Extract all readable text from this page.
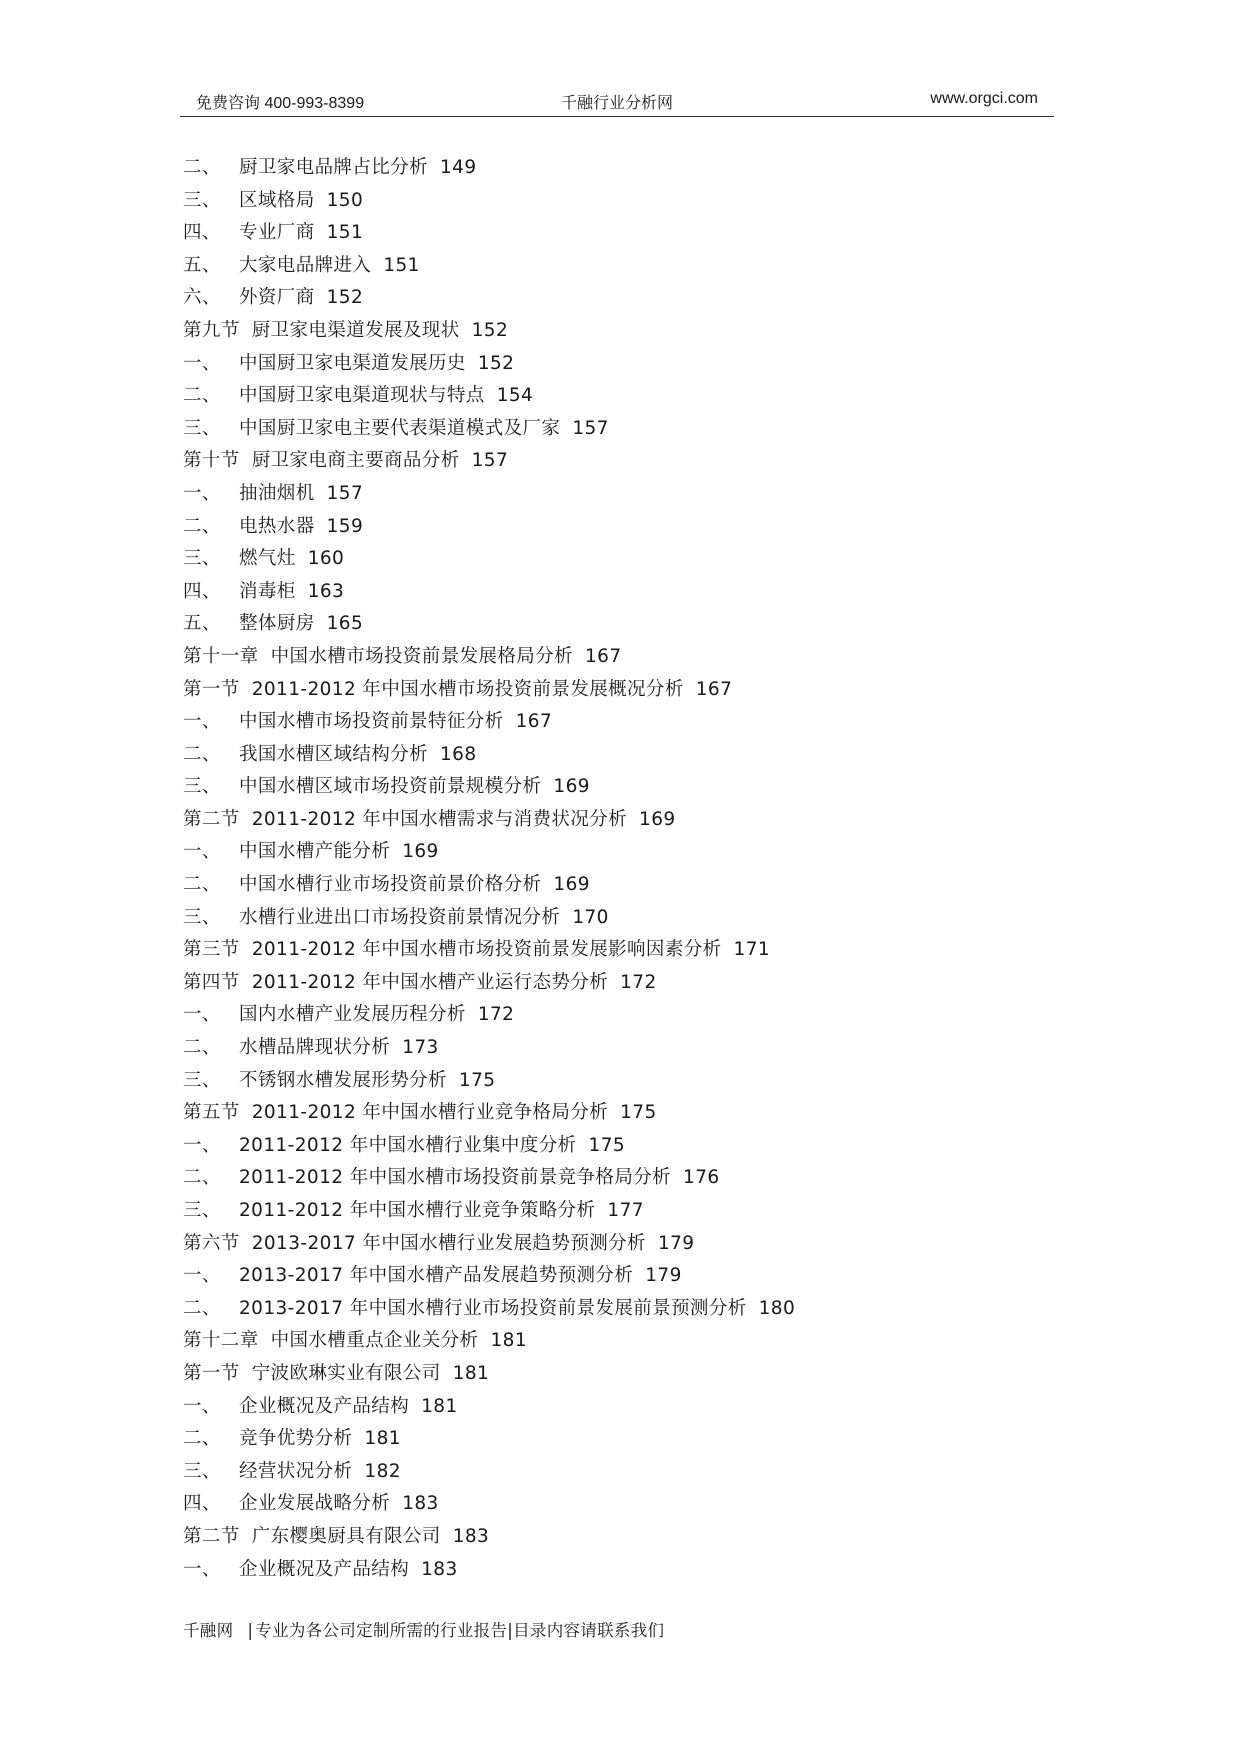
免费咨询 400-993-8399	千融行业分析网	www.orgci.com
二、 厨卫家电品牌占比分析 149
三、 区域格局 150
四、 专业厂商 151
五、 大家电品牌进入 151
六、 外资厂商 152
第九节 厨卫家电渠道发展及现状 152
一、 中国厨卫家电渠道发展历史 152
二、 中国厨卫家电渠道现状与特点 154
三、 中国厨卫家电主要代表渠道模式及厂家 157
第十节 厨卫家电商主要商品分析 157
一、 抽油烟机 157
二、 电热水器 159
三、 燃气灶 160
四、 消毒柜 163
五、 整体厨房 165
第十一章 中国水槽市场投资前景发展格局分析 167
第一节 2011-2012 年中国水槽市场投资前景发展概况分析 167
一、 中国水槽市场投资前景特征分析 167
二、 我国水槽区域结构分析 168
三、 中国水槽区域市场投资前景规模分析 169
第二节 2011-2012 年中国水槽需求与消费状况分析 169
一、 中国水槽产能分析 169
二、 中国水槽行业市场投资前景价格分析 169
三、 水槽行业进出口市场投资前景情况分析 170
第三节 2011-2012 年中国水槽市场投资前景发展影响因素分析 171
第四节 2011-2012 年中国水槽产业运行态势分析 172
一、 国内水槽产业发展历程分析 172
二、 水槽品牌现状分析 173
三、 不锈钢水槽发展形势分析 175
第五节 2011-2012 年中国水槽行业竞争格局分析 175
一、 2011-2012 年中国水槽行业集中度分析 175
二、 2011-2012 年中国水槽市场投资前景竞争格局分析 176
三、 2011-2012 年中国水槽行业竞争策略分析 177
第六节 2013-2017 年中国水槽行业发展趋势预测分析 179
一、 2013-2017 年中国水槽产品发展趋势预测分析 179
二、 2013-2017 年中国水槽行业市场投资前景发展前景预测分析 180
第十二章 中国水槽重点企业关分析 181
第一节 宁波欧琳实业有限公司 181
一、 企业概况及产品结构 181
二、 竞争优势分析 181
三、 经营状况分析 182
四、 企业发展战略分析 183
第二节 广东樱奥厨具有限公司 183
一、 企业概况及产品结构 183
千融网 | 专业为各公司定制所需的行业报告|目录内容请联系我们
